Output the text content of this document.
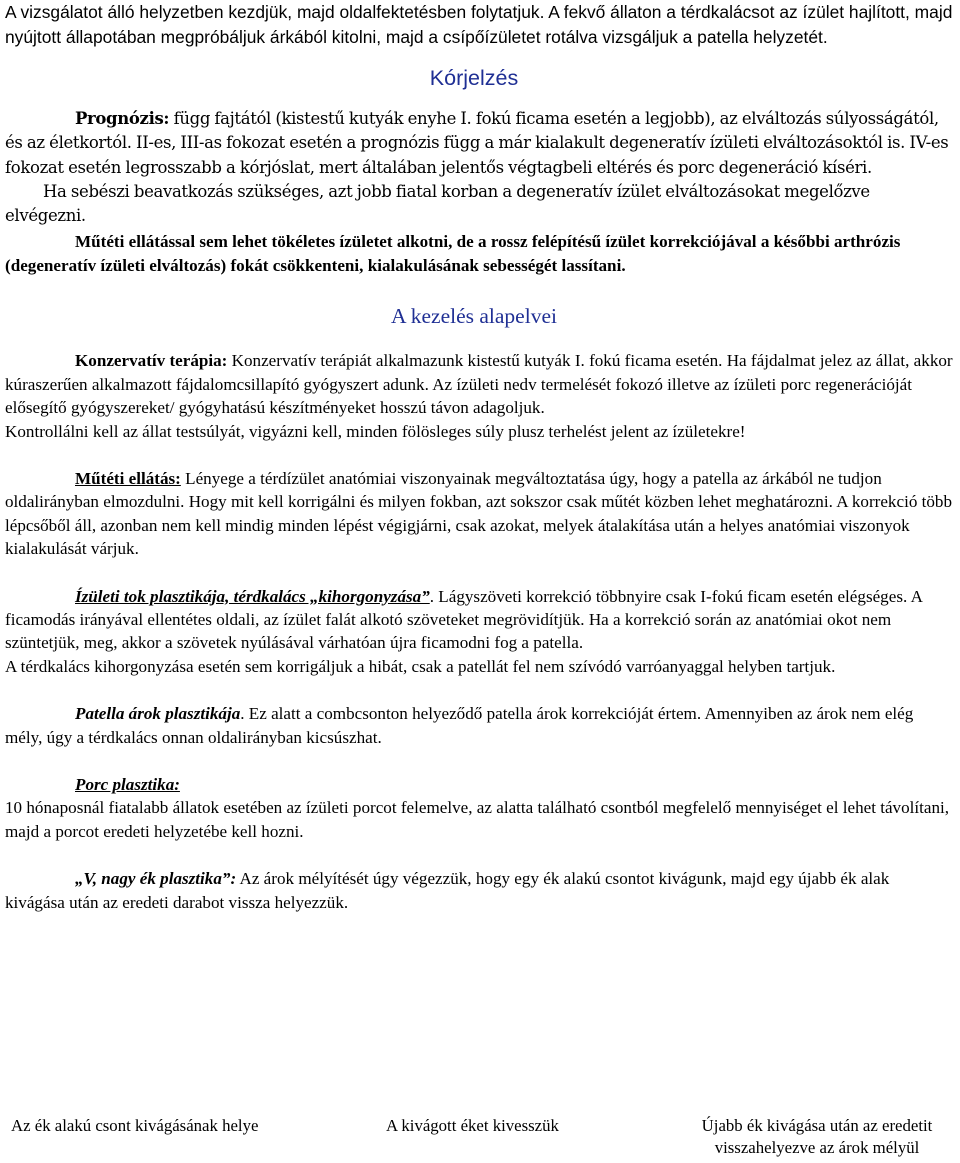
A vizsgálatot álló helyzetben kezdjük, majd oldalfektetésben folytatjuk. A fekvő állaton a térdkalácsot az ízület hajlított, majd nyújtott állapotában megpróbáljuk árkából kitolni, majd a csípőízületet rotálva vizsgáljuk a patella helyzetét.

Kórjelzés

Prognózis: függ fajtától (kistestű kutyák enyhe I. fokú ficama esetén a legjobb), az elváltozás súlyosságától, és az életkortól. II-es, III-as fokozat esetén a prognózis függ a már kialakult degeneratív ízületi elváltozásoktól is. IV-es fokozat esetén legrosszabb a kórjóslat, mert általában jelentős végtagbeli eltérés és porc degeneráció kíséri.

Ha sebészi beavatkozás szükséges, azt jobb fiatal korban a degeneratív ízület elváltozásokat megelőzve elvégezni.

Műtéti ellátással sem lehet tökéletes ízületet alkotni, de a rossz felépítésű ízület korrekciójával a későbbi arthrózis (degeneratív ízületi elváltozás) fokát csökkenteni, kialakulásának sebességét lassítani.

A kezelés alapelvei

Konzervatív terápia: Konzervatív terápiát alkalmazunk kistestű kutyák I. fokú ficama esetén. Ha fájdalmat jelez az állat, akkor kúraszerűen alkalmazott fájdalomcsillapító gyógyszert adunk. Az ízületi nedv termelését fokozó illetve az ízületi porc regenerációját elősegítő gyógyszereket/ gyógyhatású készítményeket hosszú távon adagoljuk.

Kontrollálni kell az állat testsúlyát, vigyázni kell, minden fölösleges súly plusz terhelést jelent az ízületekre!

Műtéti ellátás: Lényege a térdízület anatómiai viszonyainak megváltoztatása úgy, hogy a patella az árkából ne tudjon oldalirányban elmozdulni. Hogy mit kell korrigálni és milyen fokban, azt sokszor csak műtét közben lehet meghatározni. A korrekció több lépcsőből áll, azonban nem kell mindig minden lépést végigjárni, csak azokat, melyek átalakítása után a helyes anatómiai viszonyok kialakulását várjuk.

Ízületi tok plasztikája, térdkalács „kihorgonyzása”. Lágyszöveti korrekció többnyire csak I-fokú ficam esetén elégséges. A ficamodás irányával ellentétes oldali, az ízület falát alkotó szöveteket megrövidítjük. Ha a korrekció során az anatómiai okot nem szüntetjük, meg, akkor a szövetek nyúlásával várhatóan újra ficamodni fog a patella.

A térdkalács kihorgonyzása esetén sem korrigáljuk a hibát, csak a patellát fel nem szívódó varróanyaggal helyben tartjuk.

Patella árok plasztikája. Ez alatt a combcsonton helyeződő patella árok korrekcióját értem. Amennyiben az árok nem elég mély, úgy a térdkalács onnan oldalirányban kicsúszhat.

Porc plasztika:

10 hónaposnál fiatalabb állatok esetében az ízületi porcot felemelve, az alatta található csontból megfelelő mennyiséget el lehet távolítani, majd a porcot eredeti helyzetébe kell hozni.

„V, nagy ék plasztika”: Az árok mélyítését úgy végezzük, hogy egy ék alakú csontot kivágunk, majd egy újabb ék alak kivágása után az eredeti darabot vissza helyezzük.

Az ék alakú csont kivágásának helye	A kivágott éket kivesszük	Újabb ék kivágása után az eredetit visszahelyezve az árok mélyül
